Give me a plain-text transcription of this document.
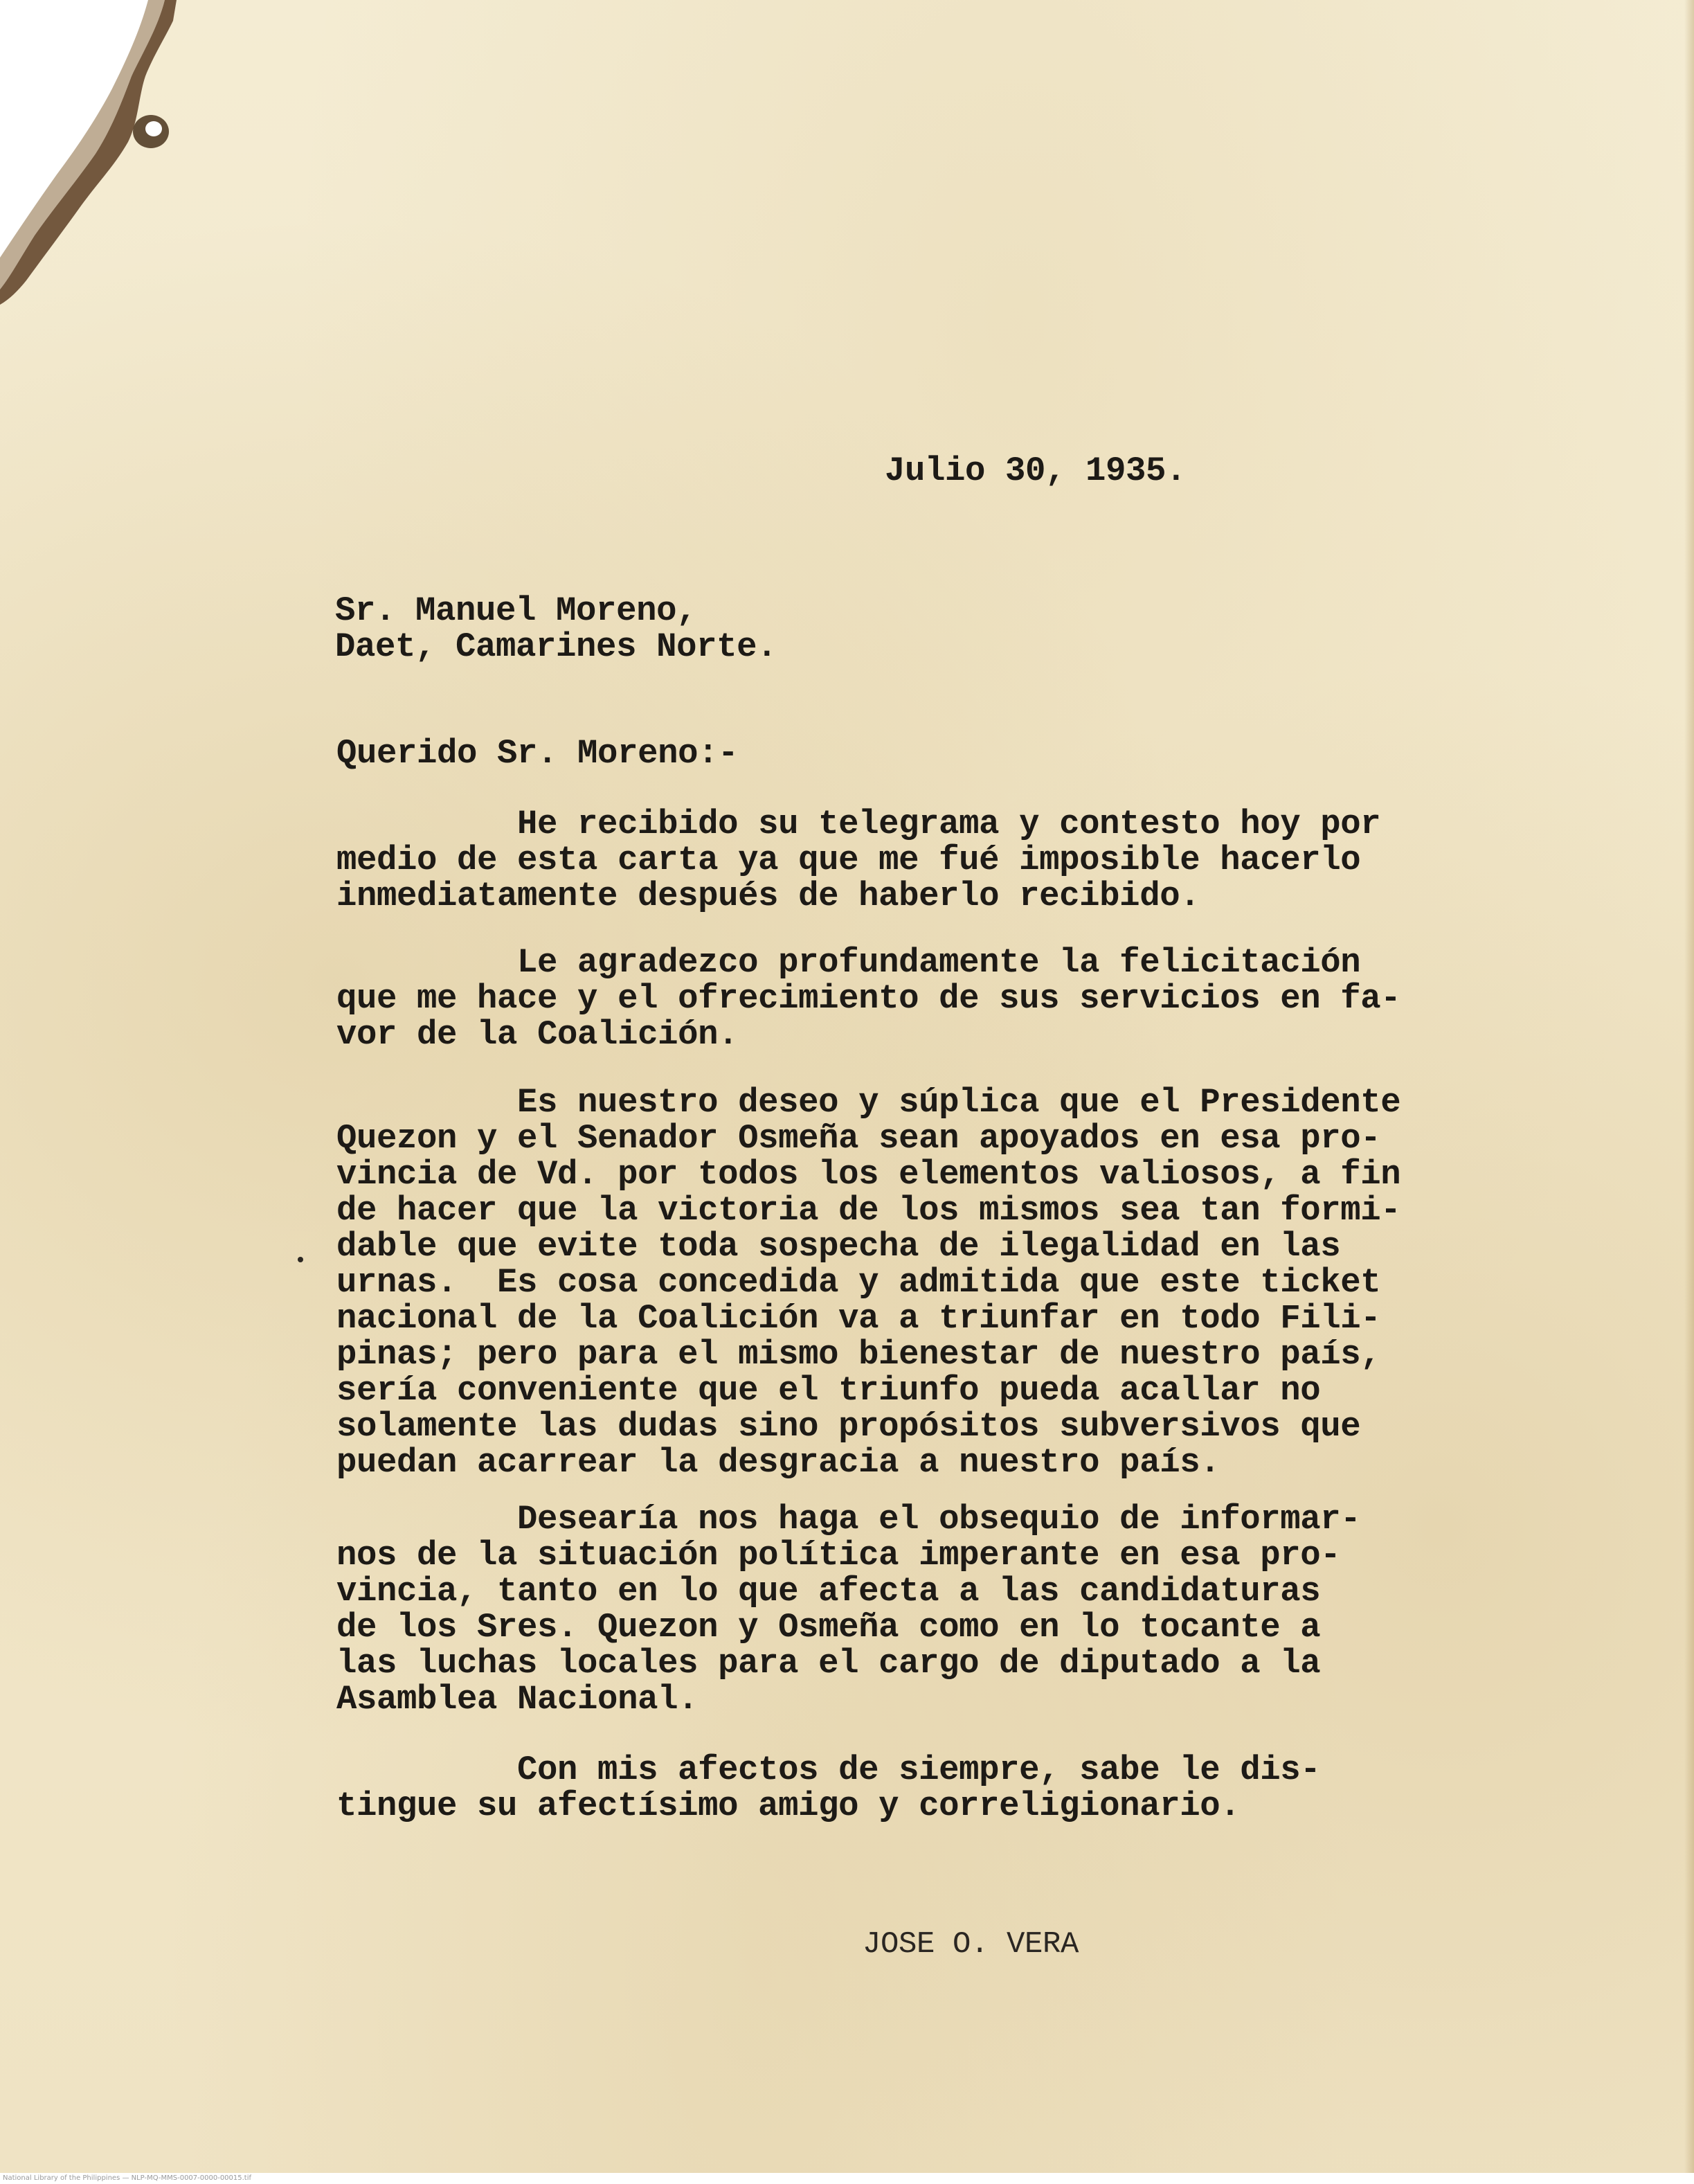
Julio 30, 1935.

Sr. Manuel Moreno,
Daet, Camarines Norte.

Querido Sr. Moreno:-

He recibido su telegrama y contesto hoy por
medio de esta carta ya que me fué imposible hacerlo
inmediatamente después de haberlo recibido.

Le agradezco profundamente la felicitación
que me hace y el ofrecimiento de sus servicios en fa-
vor de la Coalición.

Es nuestro deseo y súplica que el Presidente
Quezon y el Senador Osmeña sean apoyados en esa pro-
vincia de Vd. por todos los elementos valiosos, a fin
de hacer que la victoria de los mismos sea tan formi-
dable que evite toda sospecha de ilegalidad en las
urnas.  Es cosa concedida y admitida que este ticket
nacional de la Coalición va a triunfar en todo Fili-
pinas; pero para el mismo bienestar de nuestro país,
sería conveniente que el triunfo pueda acallar no
solamente las dudas sino propósitos subversivos que
puedan acarrear la desgracia a nuestro país.

Desearía nos haga el obsequio de informar-
nos de la situación política imperante en esa pro-
vincia, tanto en lo que afecta a las candidaturas
de los Sres. Quezon y Osmeña como en lo tocante a
las luchas locales para el cargo de diputado a la
Asamblea Nacional.

Con mis afectos de siempre, sabe le dis-
tingue su afectísimo amigo y correligionario.

JOSE O. VERA

National Library of the Philippines — NLP-MQ-MMS-0007-0000-00015.tif
